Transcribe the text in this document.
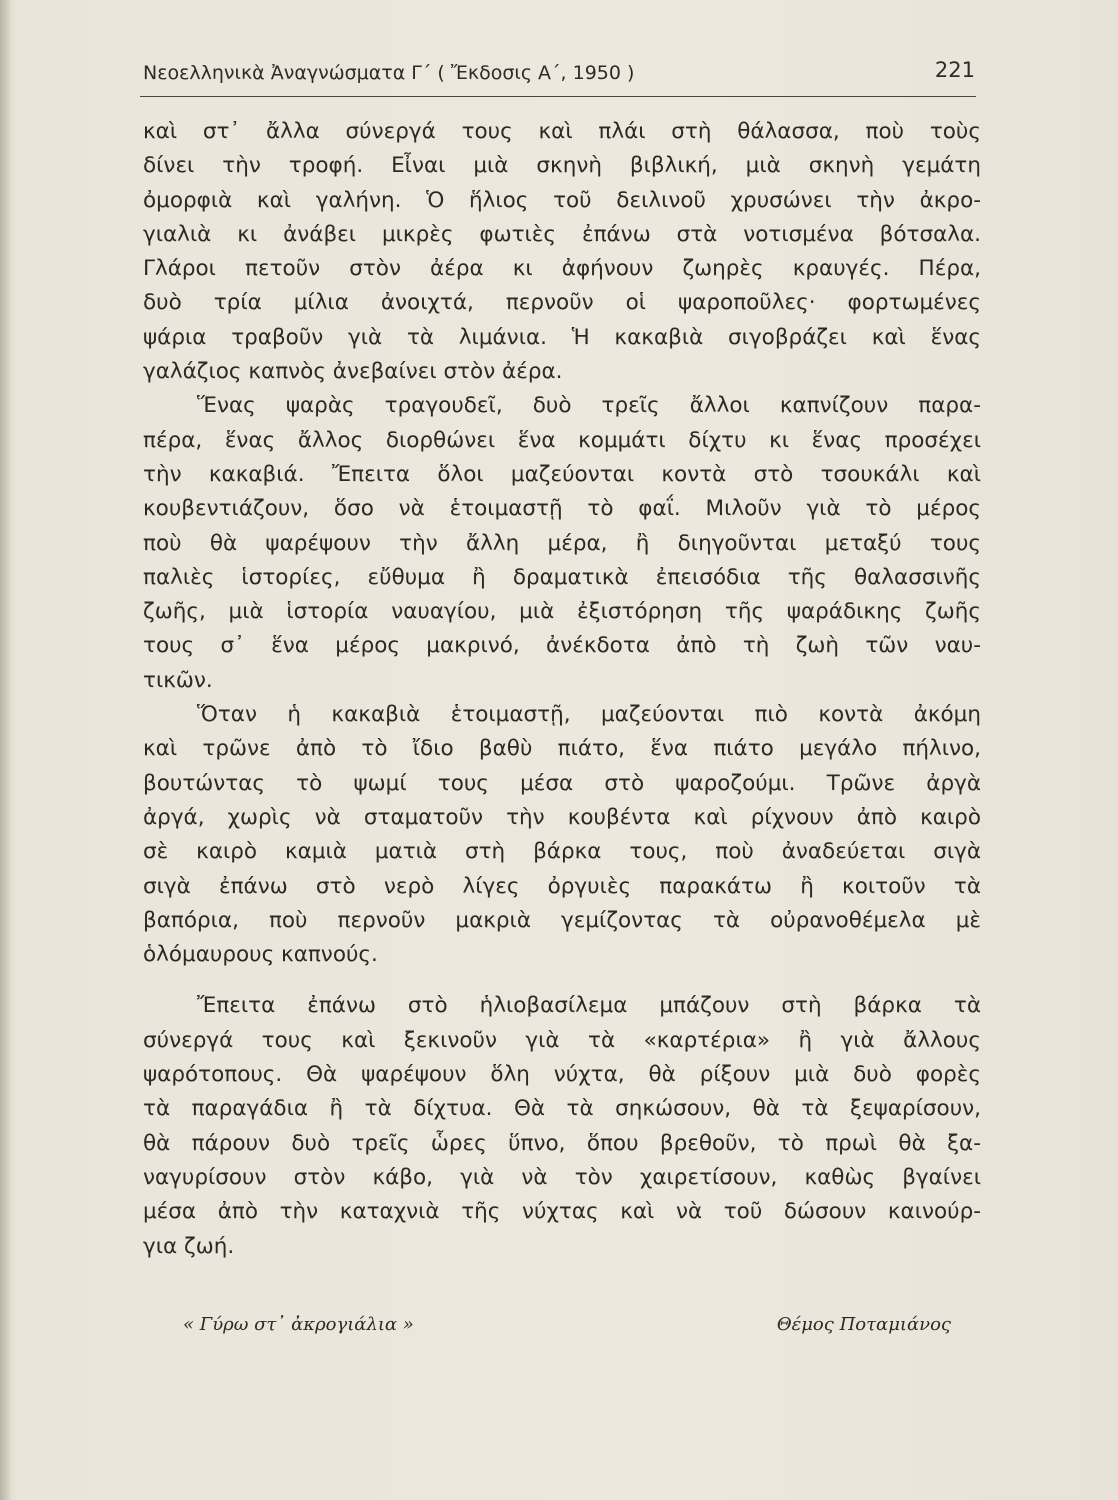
Νεοελληνικὰ Ἀναγνώσματα Γ΄ ( Ἔκδοσις Α΄, 1950 )	221
καὶ στ᾽ ἄλλα σύνεργά τους καὶ πλάι στὴ θάλασσα, ποὺ τοὺς
δίνει τὴν τροφή. Εἶναι μιὰ σκηνὴ βιβλική, μιὰ σκηνὴ γεμάτη
ὀμορφιὰ καὶ γαλήνη. Ὁ ἥλιος τοῦ δειλινοῦ χρυσώνει τὴν ἀκρο-
γιαλιὰ κι ἀνάβει μικρὲς φωτιὲς ἐπάνω στὰ νοτισμένα βότσαλα.
Γλάροι πετοῦν στὸν ἀέρα κι ἀφήνουν ζωηρὲς κραυγές. Πέρα,
δυὸ τρία μίλια ἀνοιχτά, περνοῦν οἱ ψαροποῦλες· φορτωμένες
ψάρια τραβοῦν γιὰ τὰ λιμάνια. Ἡ κακαβιὰ σιγοβράζει καὶ ἕνας
γαλάζιος καπνὸς ἀνεβαίνει στὸν ἀέρα.
Ἕνας ψαρὰς τραγουδεῖ, δυὸ τρεῖς ἄλλοι καπνίζουν παρα-
πέρα, ἕνας ἄλλος διορθώνει ἕνα κομμάτι δίχτυ κι ἕνας προσέχει
τὴν κακαβιά. Ἔπειτα ὅλοι μαζεύονται κοντὰ στὸ τσουκάλι καὶ
κουβεντιάζουν, ὅσο νὰ ἑτοιμαστῇ τὸ φαΐ. Μιλοῦν γιὰ τὸ μέρος
ποὺ θὰ ψαρέψουν τὴν ἄλλη μέρα, ἢ διηγοῦνται μεταξύ τους
παλιὲς ἱστορίες, εὔθυμα ἢ δραματικὰ ἐπεισόδια τῆς θαλασσινῆς
ζωῆς, μιὰ ἱστορία ναυαγίου, μιὰ ἐξιστόρηση τῆς ψαράδικης ζωῆς
τους σ᾽ ἕνα μέρος μακρινό, ἀνέκδοτα ἀπὸ τὴ ζωὴ τῶν ναυ-
τικῶν.
Ὅταν ἡ κακαβιὰ ἑτοιμαστῇ, μαζεύονται πιὸ κοντὰ ἀκόμη
καὶ τρῶνε ἀπὸ τὸ ἴδιο βαθὺ πιάτο, ἕνα πιάτο μεγάλο πήλινο,
βουτώντας τὸ ψωμί τους μέσα στὸ ψαροζούμι. Τρῶνε ἀργὰ
ἀργά, χωρὶς νὰ σταματοῦν τὴν κουβέντα καὶ ρίχνουν ἀπὸ καιρὸ
σὲ καιρὸ καμιὰ ματιὰ στὴ βάρκα τους, ποὺ ἀναδεύεται σιγὰ
σιγὰ ἐπάνω στὸ νερὸ λίγες ὀργυιὲς παρακάτω ἢ κοιτοῦν τὰ
βαπόρια, ποὺ περνοῦν μακριὰ γεμίζοντας τὰ οὐρανοθέμελα μὲ
ὁλόμαυρους καπνούς.
Ἔπειτα ἐπάνω στὸ ἡλιοβασίλεμα μπάζουν στὴ βάρκα τὰ
σύνεργά τους καὶ ξεκινοῦν γιὰ τὰ «καρτέρια» ἢ γιὰ ἄλλους
ψαρότοπους. Θὰ ψαρέψουν ὅλη νύχτα, θὰ ρίξουν μιὰ δυὸ φορὲς
τὰ παραγάδια ἢ τὰ δίχτυα. Θὰ τὰ σηκώσουν, θὰ τὰ ξεψαρίσουν,
θὰ πάρουν δυὸ τρεῖς ὧρες ὕπνο, ὅπου βρεθοῦν, τὸ πρωὶ θὰ ξα-
ναγυρίσουν στὸν κάβο, γιὰ νὰ τὸν χαιρετίσουν, καθὼς βγαίνει
μέσα ἀπὸ τὴν καταχνιὰ τῆς νύχτας καὶ νὰ τοῦ δώσουν καινούρ-
για ζωή.
« Γύρω στ᾽ ἀκρογιάλια »	Θέμος Ποταμιάνος
